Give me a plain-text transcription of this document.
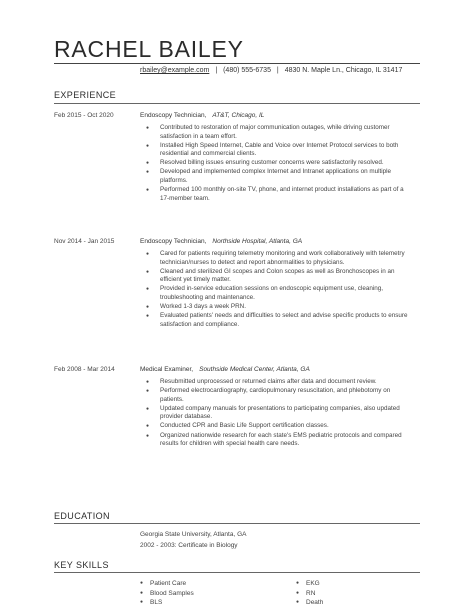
RACHEL BAILEY
rbailey@example.com | (480) 555-6735 | 4830 N. Maple Ln., Chicago, IL 31417
EXPERIENCE
Feb 2015 - Oct 2020	Endoscopy Technician, AT&T, Chicago, IL
● Contributed to restoration of major communication outages, while driving customer satisfaction in a team effort.
● Installed High Speed Internet, Cable and Voice over Internet Protocol services to both residential and commercial clients.
● Resolved billing issues ensuring customer concerns were satisfactorily resolved.
● Developed and implemented complex Internet and Intranet applications on multiple platforms.
● Performed 100 monthly on-site TV, phone, and internet product installations as part of a 17-member team.
Nov 2014 - Jan 2015	Endoscopy Technician, Northside Hospital, Atlanta, GA
● Cared for patients requiring telemetry monitoring and work collaboratively with telemetry technician/nurses to detect and report abnormalities to physicians.
● Cleaned and sterilized GI scopes and Colon scopes as well as Bronchoscopes in an efficient yet timely matter.
● Provided in-service education sessions on endoscopic equipment use, cleaning, troubleshooting and maintenance.
● Worked 1-3 days a week PRN.
● Evaluated patients' needs and difficulties to select and advise specific products to ensure satisfaction and compliance.
Feb 2008 - Mar 2014	Medical Examiner, Southside Medical Center, Atlanta, GA
● Resubmitted unprocessed or returned claims after data and document review.
● Performed electrocardiography, cardiopulmonary resuscitation, and phlebotomy on patients.
● Updated company manuals for presentations to participating companies, also updated provider database.
● Conducted CPR and Basic Life Support certification classes.
● Organized nationwide research for each state's EMS pediatric protocols and compared results for children with special health care needs.
EDUCATION
Georgia State University, Atlanta, GA
2002 - 2003: Certificate in Biology
KEY SKILLS
● Patient Care
● Blood Samples
● BLS
● EKG
● RN
● Death
